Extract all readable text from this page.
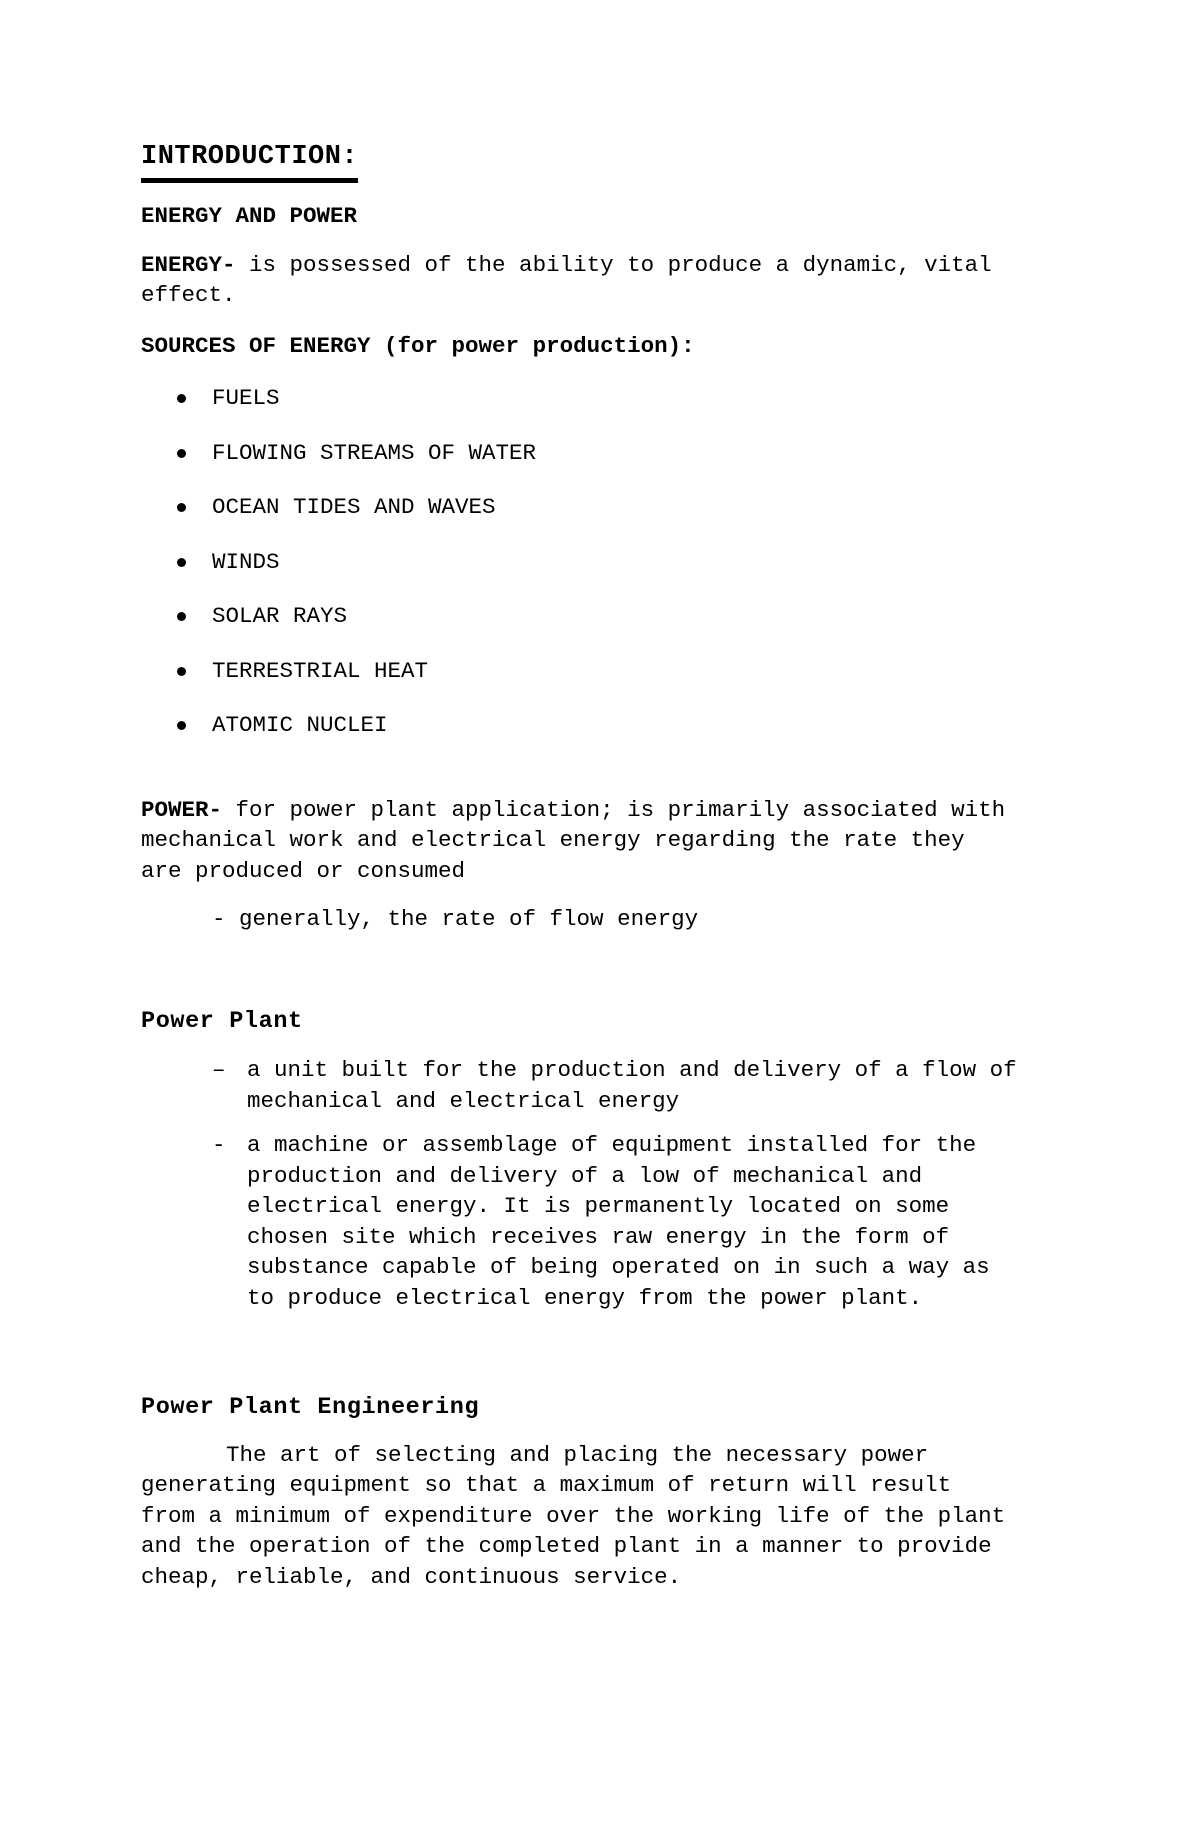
INTRODUCTION:
ENERGY AND POWER

ENERGY- is possessed of the ability to produce a dynamic, vital

effect.

SOURCES OF ENERGY (for power production):
FUELS
FLOWING STREAMS OF WATER
OCEAN TIDES AND WAVES
WINDS
SOLAR RAYS
TERRESTRIAL HEAT
ATOMIC NUCLEI

POWER- for power plant application; is primarily associated with

mechanical work and electrical energy regarding the rate they

are produced or consumed

- generally, the rate of flow energy
Power Plant
– a unit built for the production and delivery of a flow of

mechanical and electrical energy

- a machine or assemblage of equipment installed for the

production and delivery of a low of mechanical and

electrical energy. It is permanently located on some

chosen site which receives raw energy in the form of

substance capable of being operated on in such a way as

to produce electrical energy from the power plant.

Power Plant Engineering

The art of selecting and placing the necessary power

generating equipment so that a maximum of return will result

from a minimum of expenditure over the working life of the plant

and the operation of the completed plant in a manner to provide

cheap, reliable, and continuous service.
